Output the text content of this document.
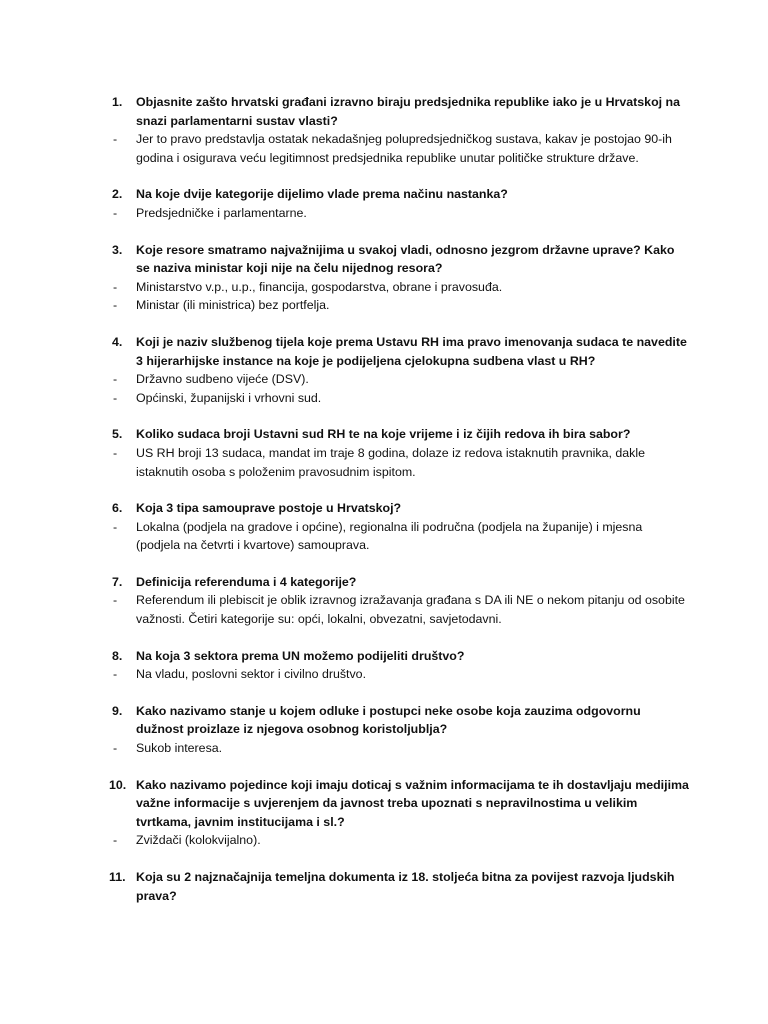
1. Objasnite zašto hrvatski građani izravno biraju predsjednika republike iako je u Hrvatskoj na snazi parlamentarni sustav vlasti?
- Jer to pravo predstavlja ostatak nekadašnjeg polupredsjedničkog sustava, kakav je postojao 90-ih godina i osigurava veću legitimnost predsjednika republike unutar političke strukture države.
2. Na koje dvije kategorije dijelimo vlade prema načinu nastanka?
- Predsjedničke i parlamentarne.
3. Koje resore smatramo najvažnijima u svakoj vladi, odnosno jezgrom državne uprave? Kako se naziva ministar koji nije na čelu nijednog resora?
- Ministarstvo v.p., u.p., financija, gospodarstva, obrane i pravosuđa.
- Ministar (ili ministrica) bez portfelja.
4. Koji je naziv službenog tijela koje prema Ustavu RH ima pravo imenovanja sudaca te navedite 3 hijerarhijske instance na koje je podijeljena cjelokupna sudbena vlast u RH?
- Državno sudbeno vijeće (DSV).
- Općinski, županijski i vrhovni sud.
5. Koliko sudaca broji Ustavni sud RH te na koje vrijeme i iz čijih redova ih bira sabor?
- US RH broji 13 sudaca, mandat im traje 8 godina, dolaze iz redova istaknutih pravnika, dakle istaknutih osoba s položenim pravosudnim ispitom.
6. Koja 3 tipa samouprave postoje u Hrvatskoj?
- Lokalna (podjela na gradove i općine), regionalna ili područna (podjela na županije) i mjesna (podjela na četvrti i kvartove) samouprava.
7. Definicija referenduma i 4 kategorije?
- Referendum ili plebiscit je oblik izravnog izražavanja građana s DA ili NE o nekom pitanju od osobite važnosti. Četiri kategorije su: opći, lokalni, obvezatni, savjetodavni.
8. Na koja 3 sektora prema UN možemo podijeliti društvo?
- Na vladu, poslovni sektor i civilno društvo.
9. Kako nazivamo stanje u kojem odluke i postupci neke osobe koja zauzima odgovornu dužnost proizlaze iz njegova osobnog koristoljublja?
- Sukob interesa.
10. Kako nazivamo pojedince koji imaju doticaj s važnim informacijama te ih dostavljaju medijima važne informacije s uvjerenjem da javnost treba upoznati s nepravilnostima u velikim tvrtkama, javnim institucijama i sl.?
- Zviždači (kolokvijalno).
11. Koja su 2 najznačajnija temeljna dokumenta iz 18. stoljeća bitna za povijest razvoja ljudskih prava?
